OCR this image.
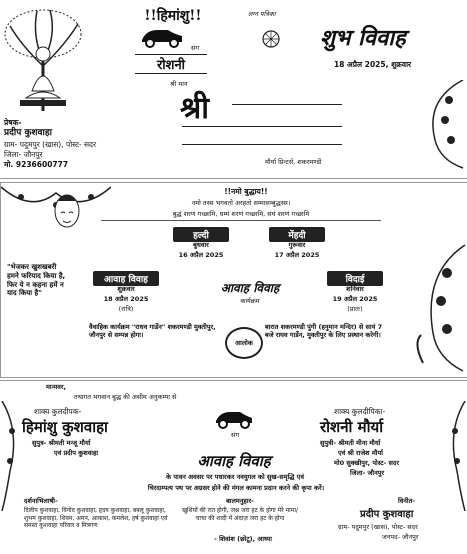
!!हिमांशु!!
संग
रोशनी
लग्न पत्रिका
शुभ विवाह
18 अप्रैल 2025, शुक्रवार
श्री मान
श्री
प्रेषक-
प्रदीप कुशवाहा
ग्राम- पदुमपुर (खास), पोस्ट- सदर
जिला- जौनपुर
मो. 9236600777	मौर्या प्रिन्टर्स, शकरमण्डी
"भेजकर खुशखबरी हमने फरियाद किया है, फिर ये न कहना हमें न याद किया है"
!!नमो बुद्धाय!!
नमो तस्स भगवतो अरहतो सम्मासम्बुद्धस्स।
बुद्धं शरणं गच्छामि, धम्मं शरणं गच्छामि, संघं शरणं गच्छामि
हल्दी
बुधवार
16 अप्रैल 2025
मेंहदी
गुरूवार
17 अप्रैल 2025
आवाह विवाह
शुक्रवार
18 अप्रैल 2025
(रात्रि)
आवाह विवाह
कार्यक्रम
विदाई
शनिवार
19 अप्रैल 2025
(प्रातः)
वैवाहिक कार्यक्रम "राधव गार्डेन" शकरमण्डी मुक्तीपुर, जौनपुर से सम्पन्न होगा।
आलोक
बारात शकरमण्डी पुंगी (हनुमान मन्दिर) से सायं 7 बजे राघव गार्डेन, मुक्तीपुर के लिए प्रस्थान करेगी।
मान्यवर,
तथागत भगवान बुद्ध की असीम अनुकम्पा से
शाक्य कुलदीपक-
हिमांशु कुशवाहा
सुपुत्र- श्रीमती मन्जू मौर्या
एवं प्रदीप कुशवाहा
संग
शाक्य कुलदीपिका-
रोशनी मौर्या
सुपुत्री- श्रीमती मीना मौर्या
एवं श्री राजेश मौर्या
मो0 सुक्खीपुर, पोस्ट- सदर
जिला- जौनपुर
आवाह विवाह
के पावन अवसर पर पधारकर नवयुगल को सुख-समृद्धि एवं
चिरदाम्पत्य पथ पर अग्रसर होने की मंगल कामना प्रदान करने की कृपा करें।
दर्शनाभिलाषी-
दिलीप कुशवाहा, विनोद कुशवाहा, हृदय कुशवाहा, बबलू कुशवाहा, शुभम कुशवाहा, शिवम, अमन, आकाश, कमलेश, हर्ष कुशवाहा एवं समस्त कुशवाहा परिवार व मित्रगण
बालमनुहार-
खुशियों की रात होगी, जश्न जरा हट के होगा मेरे मामा/चाचा की शादी में अंदाज़ जरा हट के होगा
- शिवांश (छोटू), आध्या
विनीत-
प्रदीप कुशवाहा
ग्राम- पदुमपुर (खास), पोस्ट- सदर
जनपद- जौनपुर
